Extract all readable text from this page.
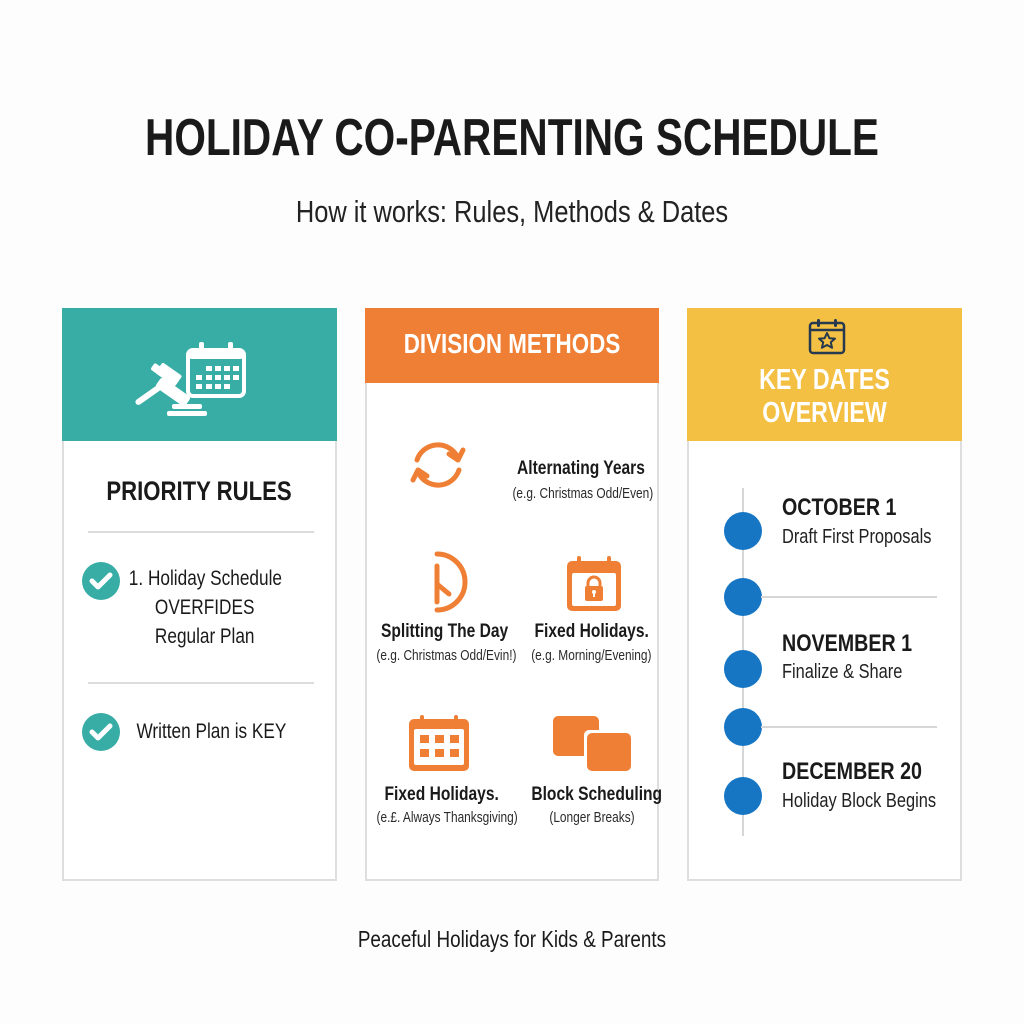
HOLIDAY CO-PARENTING SCHEDULE
How it works: Rules, Methods & Dates
PRIORITY RULES
1. Holiday Schedule
OVERFIDES
Regular Plan
Written Plan is KEY
DIVISION METHODS
Alternating Years
(e.g. Christmas Odd/Even)
Splitting The Day
(e.g. Christmas Odd/Evin!)
Fixed Holidays.
(e.g. Morning/Evening)
Fixed Holidays.
(e.£. Always Thanksgiving)
Block Scheduling
(Longer Breaks)
KEY DATES
OVERVIEW
OCTOBER 1
Draft First Proposals
NOVEMBER 1
Finalize & Share
DECEMBER 20
Holiday Block Begins
Peaceful Holidays for Kids & Parents
